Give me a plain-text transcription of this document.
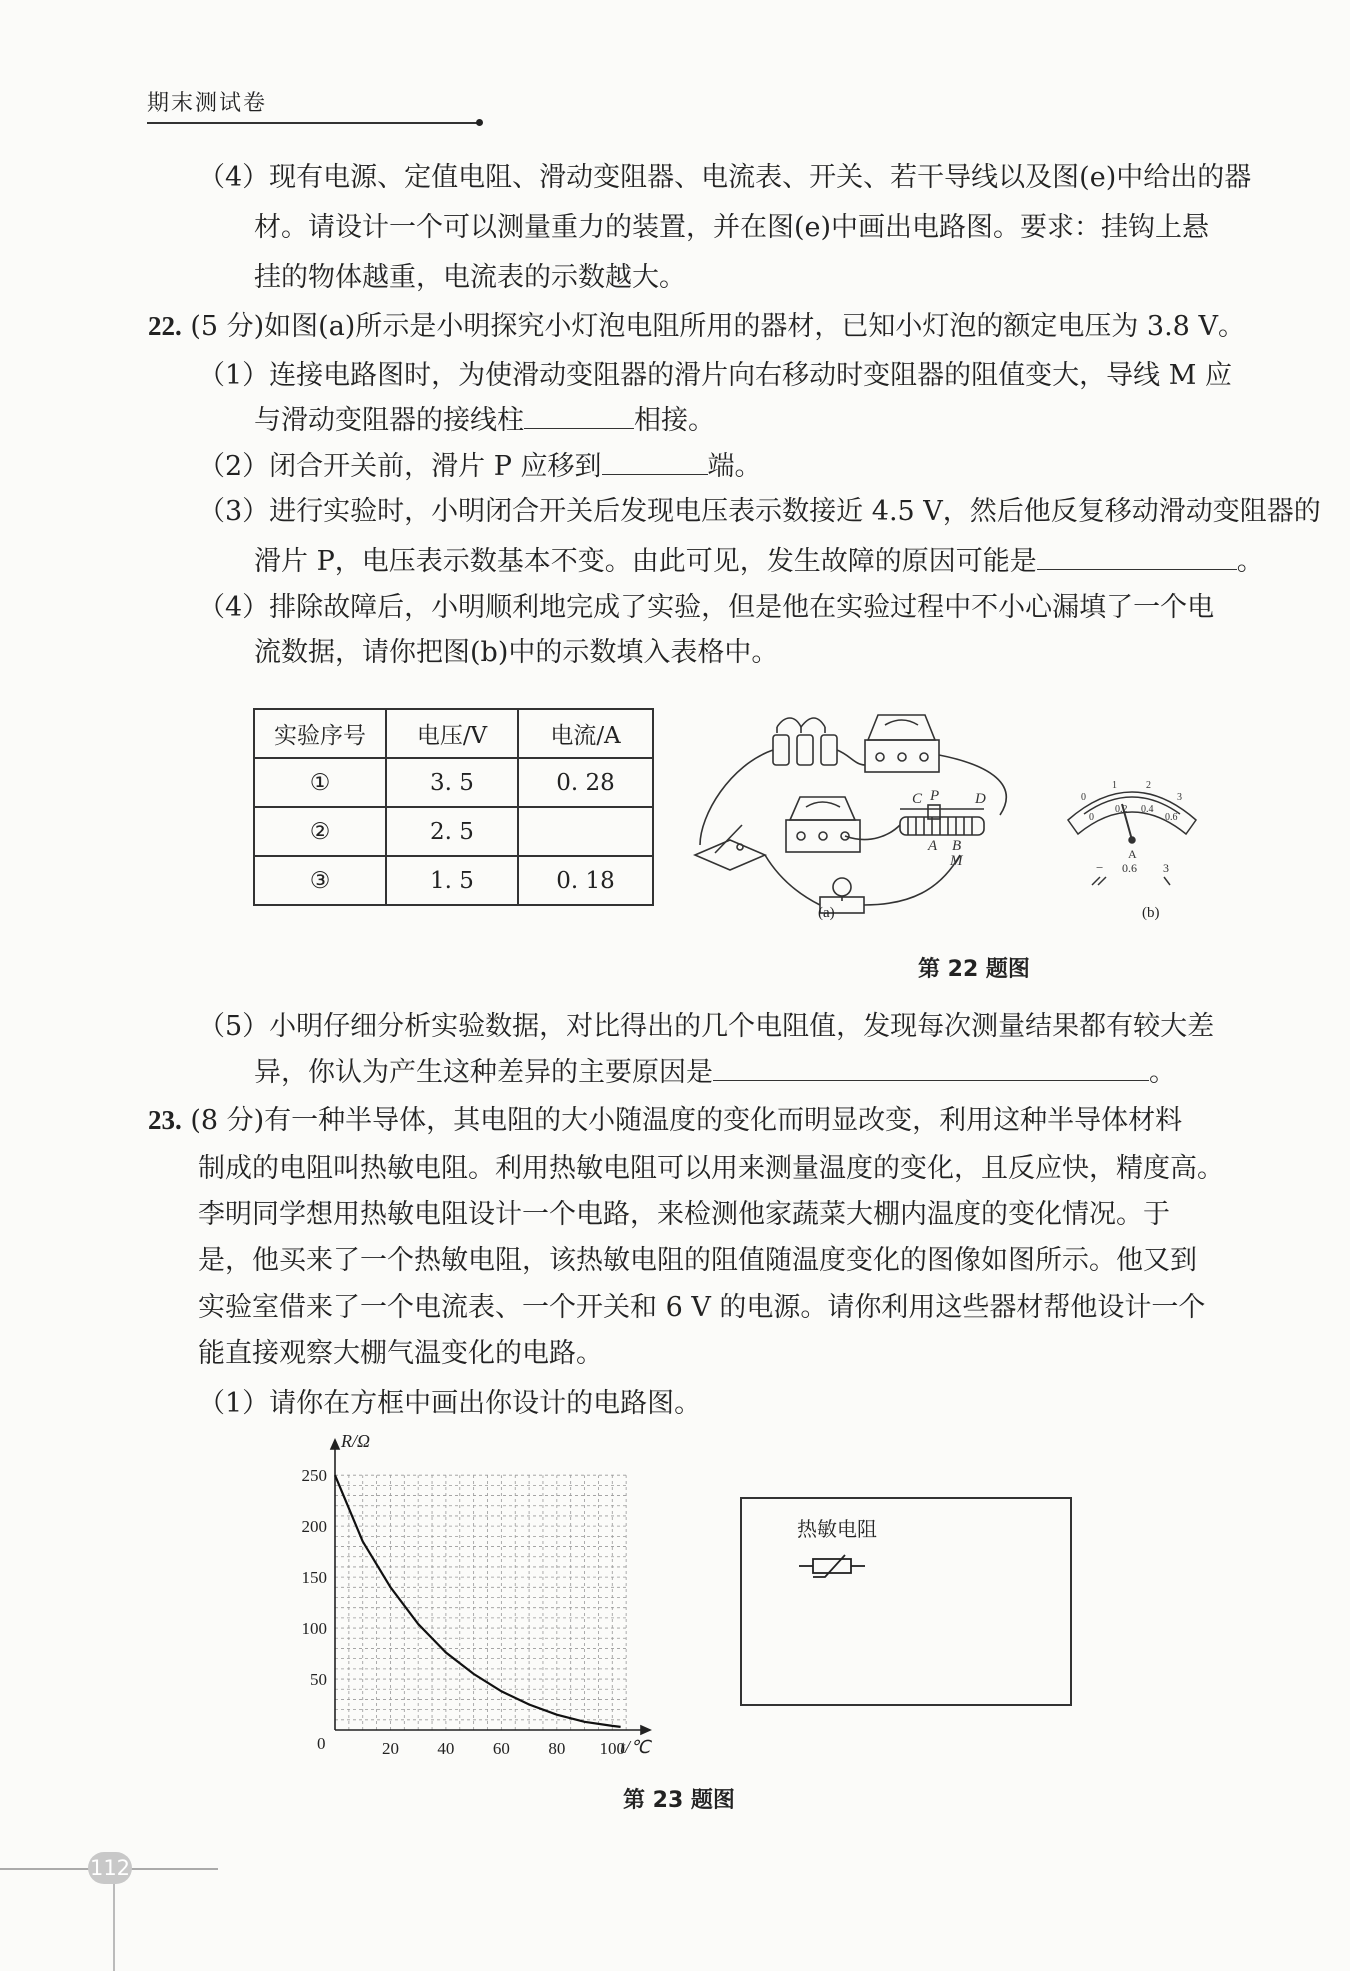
期末测试卷
（4）现有电源、定值电阻、滑动变阻器、电流表、开关、若干导线以及图(e)中给出的器
材。请设计一个可以测量重力的装置，并在图(e)中画出电路图。要求：挂钩上悬
挂的物体越重，电流表的示数越大。
22. (5 分)如图(a)所示是小明探究小灯泡电阻所用的器材，已知小灯泡的额定电压为 3.8 V。
（1）连接电路图时，为使滑动变阻器的滑片向右移动时变阻器的阻值变大，导线 M 应
与滑动变阻器的接线柱	相接。
（2）闭合开关前，滑片 P 应移到	端。
（3）进行实验时，小明闭合开关后发现电压表示数接近 4.5 V，然后他反复移动滑动变阻器的
滑片 P，电压表示数基本不变。由此可见，发生故障的原因可能是	。
（4）排除故障后，小明顺利地完成了实验，但是他在实验过程中不小心漏填了一个电
流数据，请你把图(b)中的示数填入表格中。
实验序号	电压/V	电流/A
①	3. 5	0. 28
②	2. 5	
③	1. 5	0. 18
C P D
A B
M
(a)
0
1	2
3
0
0.2 0.4
0.6
A
− 0.6 3
(b)
第 22 题图
（5）小明仔细分析实验数据，对比得出的几个电阻值，发现每次测量结果都有较大差
异，你认为产生这种差异的主要原因是	。
23. (8 分)有一种半导体，其电阻的大小随温度的变化而明显改变，利用这种半导体材料
制成的电阻叫热敏电阻。利用热敏电阻可以用来测量温度的变化，且反应快，精度高。
李明同学想用热敏电阻设计一个电路，来检测他家蔬菜大棚内温度的变化情况。于
是，他买来了一个热敏电阻，该热敏电阻的阻值随温度变化的图像如图所示。他又到
实验室借来了一个电流表、一个开关和 6 V 的电源。请你利用这些器材帮他设计一个
能直接观察大棚气温变化的电路。
（1）请你在方框中画出你设计的电路图。
20 40 60 80 100
50
100
150
200
250
R/Ω
t/℃
0
热敏电阻
第 23 题图
112
